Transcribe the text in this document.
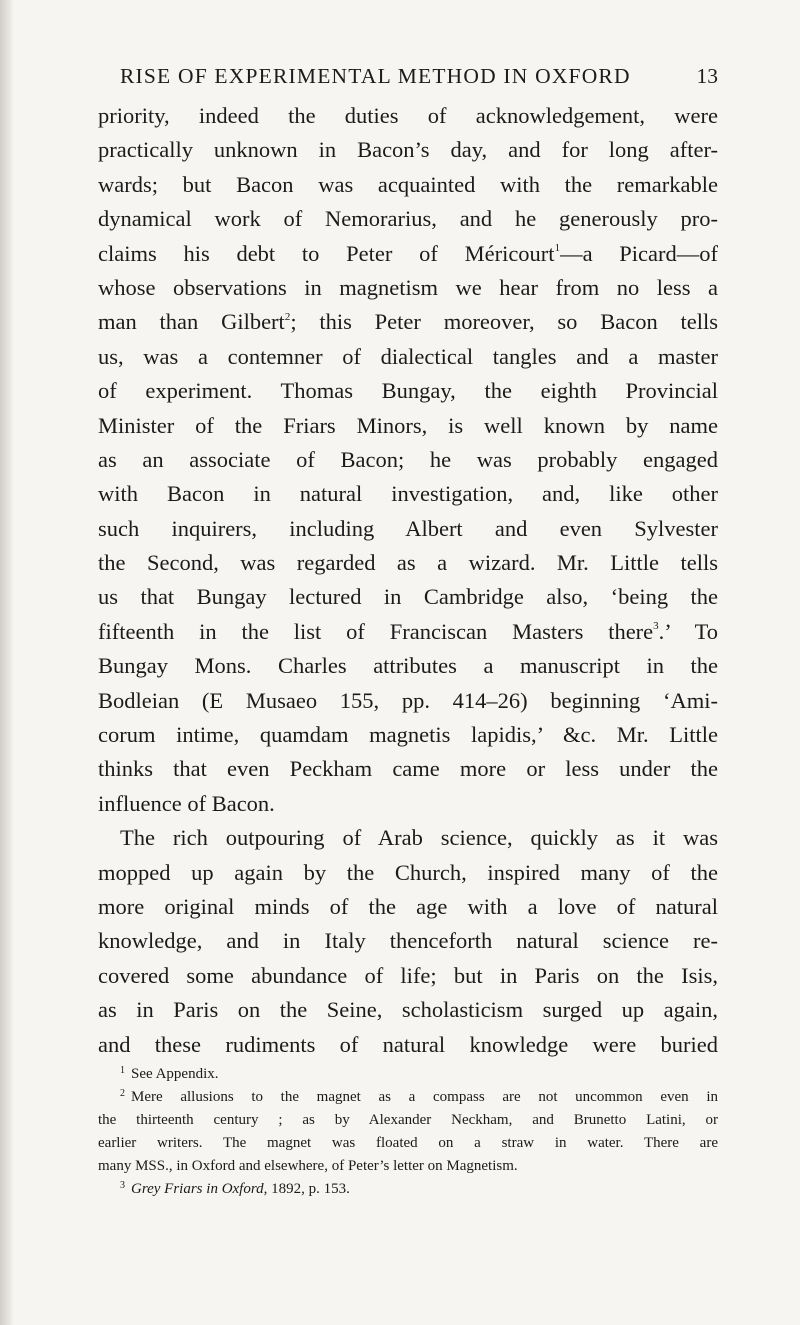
RISE OF EXPERIMENTAL METHOD IN OXFORD	13
priority, indeed the duties of acknowledgement, were
practically unknown in Bacon’s day, and for long after-
wards; but Bacon was acquainted with the remarkable
dynamical work of Nemorarius, and he generously pro-
claims his debt to Peter of Méricourt$^1$—a Picard—of
whose observations in magnetism we hear from no less a
man than Gilbert$^2$; this Peter moreover, so Bacon tells
us, was a contemner of dialectical tangles and a master
of experiment. Thomas Bungay, the eighth Provincial
Minister of the Friars Minors, is well known by name
as an associate of Bacon; he was probably engaged
with Bacon in natural investigation, and, like other
such inquirers, including Albert and even Sylvester
the Second, was regarded as a wizard. Mr. Little tells
us that Bungay lectured in Cambridge also, ‘being the
fifteenth in the list of Franciscan Masters there$^3$.’ To
Bungay Mons. Charles attributes a manuscript in the
Bodleian (E Musaeo 155, pp. 414–26) beginning ‘Ami-
corum intime, quamdam magnetis lapidis,’ &c. Mr. Little
thinks that even Peckham came more or less under the
influence of Bacon.
The rich outpouring of Arab science, quickly as it was
mopped up again by the Church, inspired many of the
more original minds of the age with a love of natural
knowledge, and in Italy thenceforth natural science re-
covered some abundance of life; but in Paris on the Isis,
as in Paris on the Seine, scholasticism surged up again,
and these rudiments of natural knowledge were buried
$^1$ See Appendix.
$^2$ Mere allusions to the magnet as a compass are not uncommon even in
the thirteenth century ; as by Alexander Neckham, and Brunetto Latini, or
earlier writers. The magnet was floated on a straw in water. There are
many MSS., in Oxford and elsewhere, of Peter’s letter on Magnetism.
$^3$ Grey Friars in Oxford, 1892, p. 153.
